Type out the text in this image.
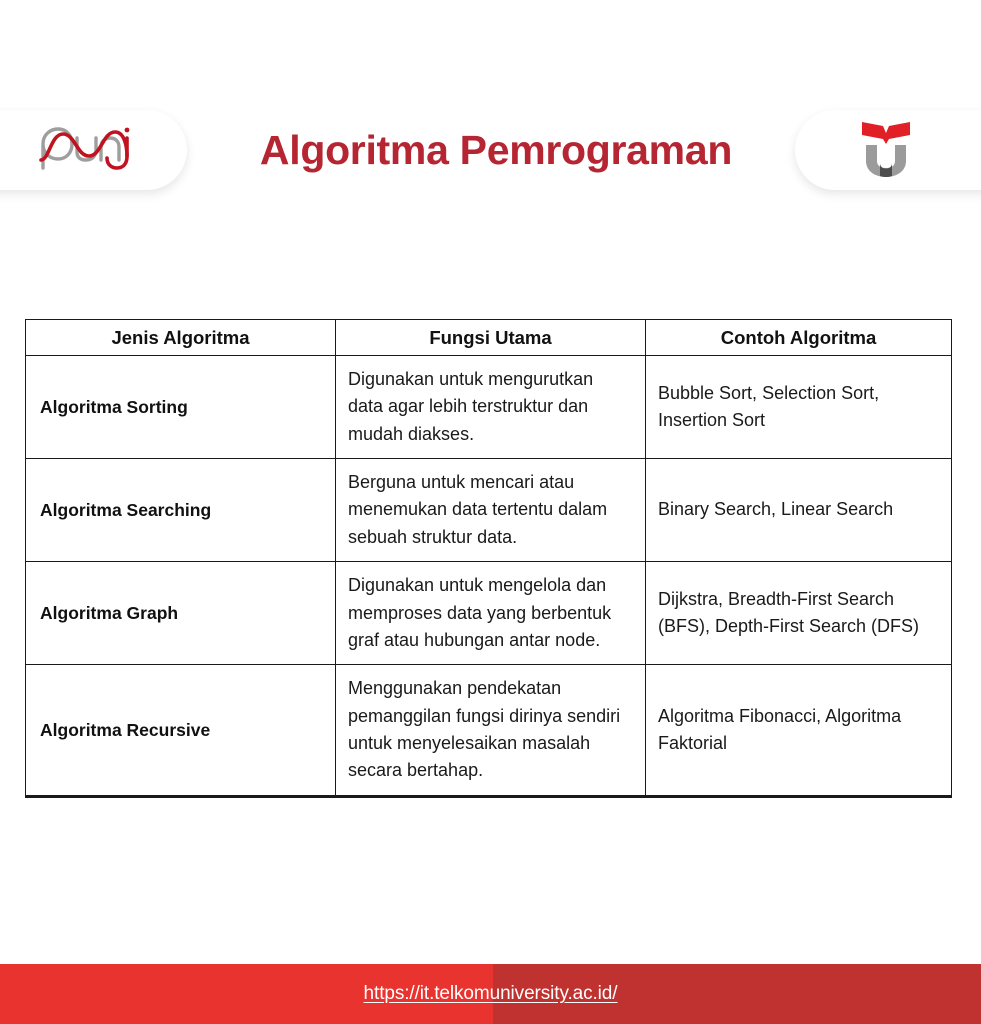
Algoritma Pemrograman
Jenis Algoritma	Fungsi Utama	Contoh Algoritma
Algoritma Sorting	Digunakan untuk mengurutkan data agar lebih terstruktur dan mudah diakses.	Bubble Sort, Selection Sort, Insertion Sort
Algoritma Searching	Berguna untuk mencari atau menemukan data tertentu dalam sebuah struktur data.	Binary Search, Linear Search
Algoritma Graph	Digunakan untuk mengelola dan memproses data yang berbentuk graf atau hubungan antar node.	Dijkstra, Breadth-First Search (BFS), Depth-First Search (DFS)
Algoritma Recursive	Menggunakan pendekatan pemanggilan fungsi dirinya sendiri untuk menyelesaikan masalah secara bertahap.	Algoritma Fibonacci, Algoritma Faktorial
https://it.telkomuniversity.ac.id/
